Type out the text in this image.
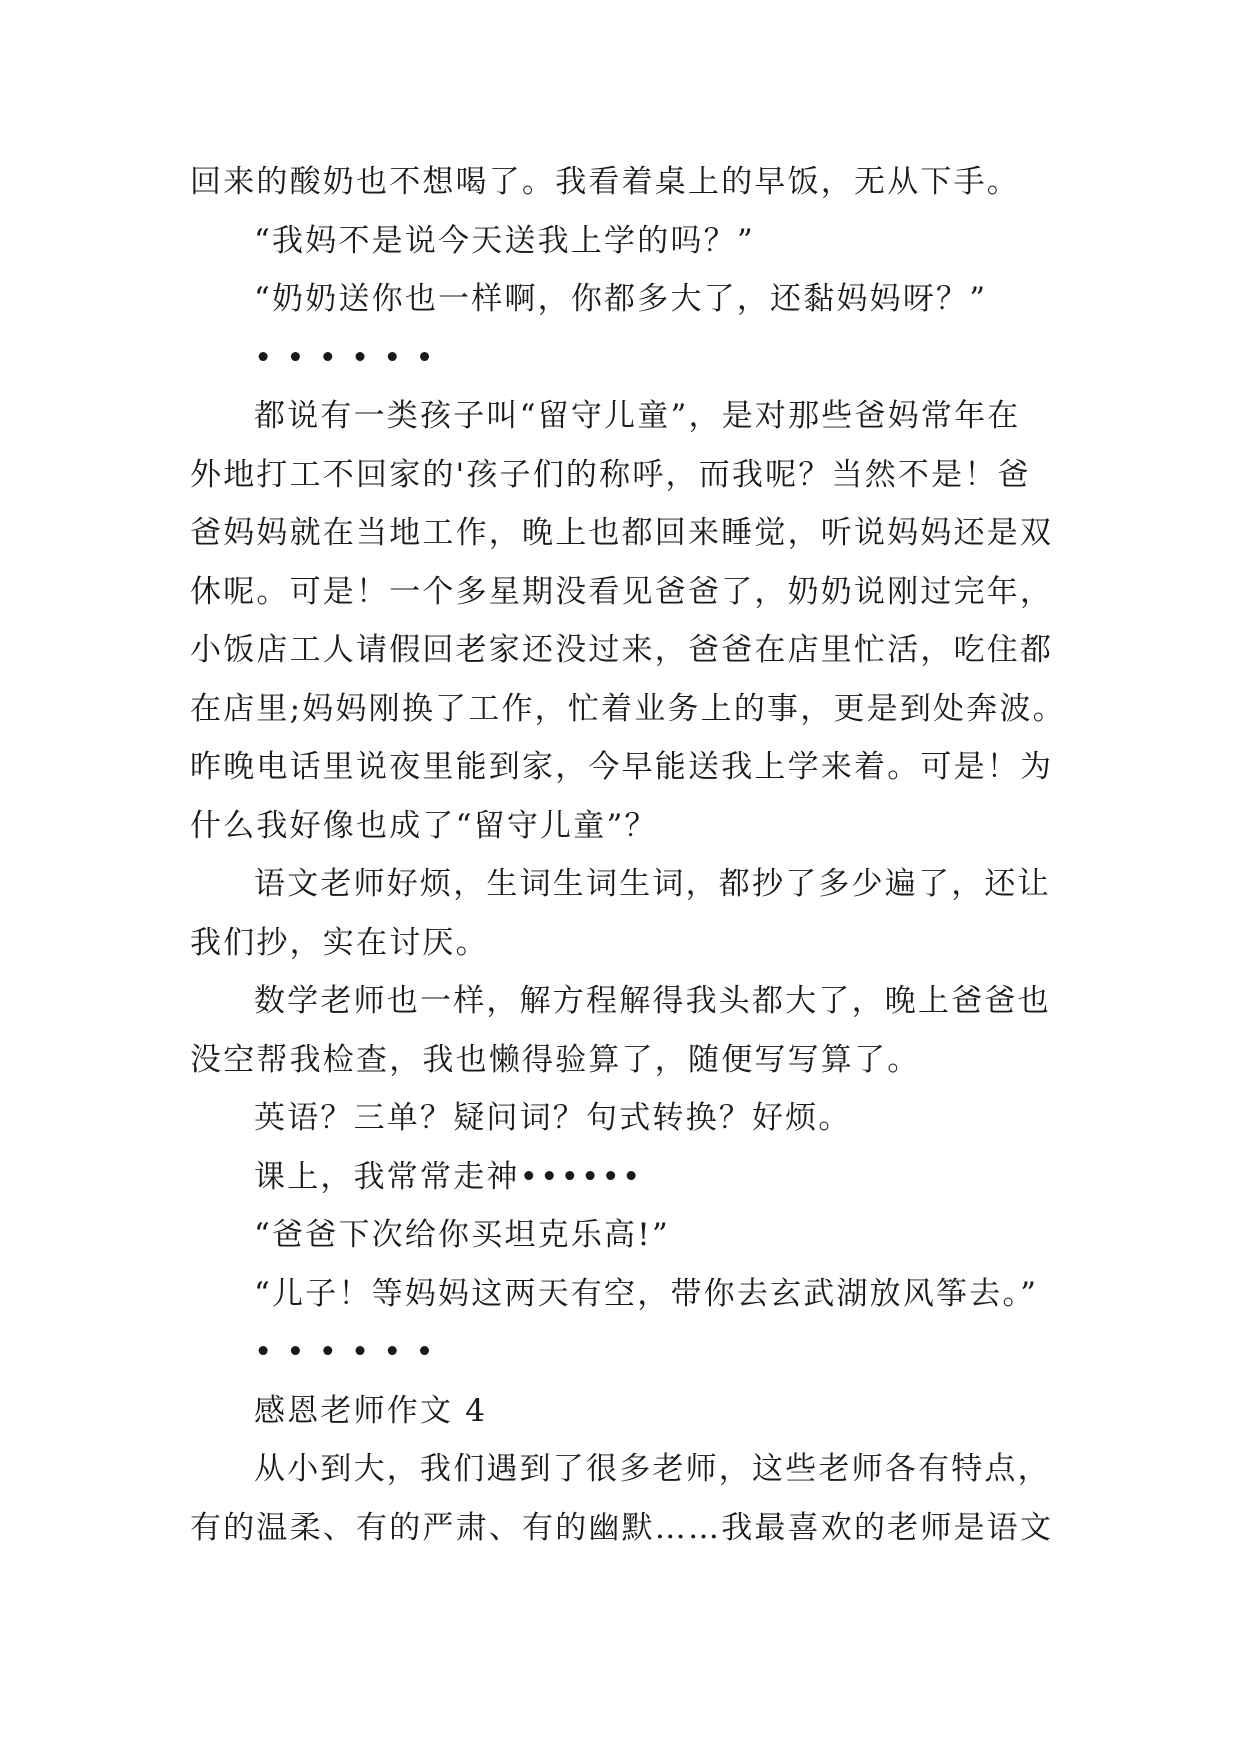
回来的酸奶也不想喝了。我看着桌上的早饭，无从下手。
“我妈不是说今天送我上学的吗？”
“奶奶送你也一样啊，你都多大了，还黏妈妈呀？”
••••••
都说有一类孩子叫“留守儿童”，是对那些爸妈常年在
外地打工不回家的'孩子们的称呼，而我呢？当然不是！爸
爸妈妈就在当地工作，晚上也都回来睡觉，听说妈妈还是双
休呢。可是！一个多星期没看见爸爸了，奶奶说刚过完年，
小饭店工人请假回老家还没过来，爸爸在店里忙活，吃住都
在店里;妈妈刚换了工作，忙着业务上的事，更是到处奔波。
昨晚电话里说夜里能到家，今早能送我上学来着。可是！为
什么我好像也成了“留守儿童”？
语文老师好烦，生词生词生词，都抄了多少遍了，还让
我们抄，实在讨厌。
数学老师也一样，解方程解得我头都大了，晚上爸爸也
没空帮我检查，我也懒得验算了，随便写写算了。
英语？三单？疑问词？句式转换？好烦。
课上，我常常走神••••••
“爸爸下次给你买坦克乐高!”
“儿子！等妈妈这两天有空，带你去玄武湖放风筝去。”
••••••
感恩老师作文 4
从小到大，我们遇到了很多老师，这些老师各有特点，
有的温柔、有的严肃、有的幽默……我最喜欢的老师是语文
